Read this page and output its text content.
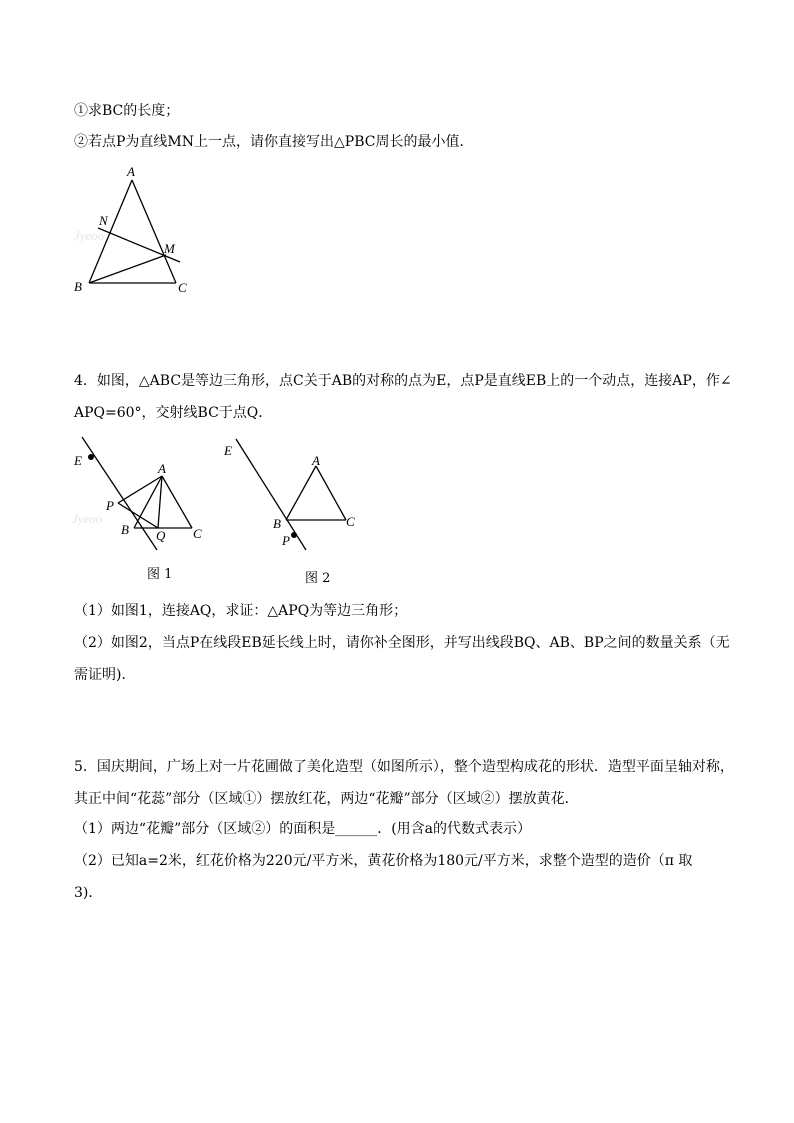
①求BC的长度；
②若点P为直线MN上一点，请你直接写出△PBC周长的最小值．
Jyeoo
A
N
M
B	C
4．如图，△ABC是等边三角形，点C关于AB的对称的点为E，点P是直线EB上的一个动点，连接AP，作∠
APQ=60°，交射线BC于点Q．
Jyeoo
E
A
P
B Q C
图 1
E
A
B	C
P
图 2
（1）如图1，连接AQ，求证：△APQ为等边三角形；
（2）如图2，当点P在线段EB延长线上时，请你补全图形，并写出线段BQ、AB、BP之间的数量关系（无
需证明)．
5．国庆期间，广场上对一片花圃做了美化造型（如图所示），整个造型构成花的形状．造型平面呈轴对称，
其正中间“花蕊”部分（区域①）摆放红花，两边“花瓣”部分（区域②）摆放黄花．
（1）两边“花瓣”部分（区域②）的面积是______．(用含a的代数式表示）
（2）已知a=2米，红花价格为220元/平方米，黄花价格为180元/平方米，求整个造型的造价（π 取
3)．
